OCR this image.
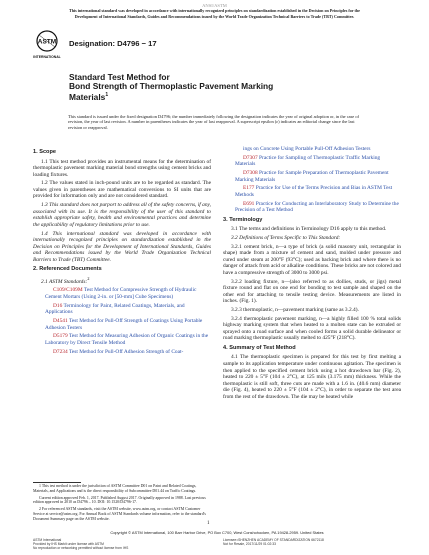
ANSI/ASTM
This international standard was developed in accordance with internationally recognized principles on standardization established in the Decision on Principles for the
Development of International Standards, Guides and Recommendations issued by the World Trade Organization Technical Barriers to Trade (TBT) Committee.
ASTM
INTERNATIONAL
Designation: D4796 − 17
Standard Test Method for
Bond Strength of Thermoplastic Pavement Marking
Materials$^1$
This standard is issued under the fixed designation D4796; the number immediately following the designation indicates the year of original adoption or, in the case of revision, the year of last revision. A number in parentheses indicates the year of last reapproval. A superscript epsilon (ε) indicates an editorial change since the last revision or reapproval.
1. Scope

1.1 This test method provides an instrumental means for the determination of thermoplastic pavement marking material bond strengths using cement bricks and loading fixtures.

1.2 The values stated in inch-pound units are to be regarded as standard. The values given in parentheses are mathematical conversions to SI units that are provided for information only and are not considered standard.

1.3 This standard does not purport to address all of the safety concerns, if any, associated with its use. It is the responsibility of the user of this standard to establish appropriate safety, health and environmental practices and determine the applicability of regulatory limitations prior to use.

1.4 This international standard was developed in accordance with internationally recognized principles on standardization established in the Decision on Principles for the Development of International Standards, Guides and Recommendations issued by the World Trade Organization Technical Barriers to Trade (TBT) Committee.

2. Referenced Documents

2.1 ASTM Standards:$^2$

C109/C109M Test Method for Compressive Strength of Hydraulic Cement Mortars (Using 2-in. or [50-mm] Cube Specimens)

D16 Terminology for Paint, Related Coatings, Materials, and Applications

D4541 Test Method for Pull-Off Strength of Coatings Using Portable Adhesion Testers

D5179 Test Method for Measuring Adhesion of Organic Coatings in the Laboratory by Direct Tensile Method

D7234 Test Method for Pull-Off Adhesion Strength of Coat-

1 This test method is under the jurisdiction of ASTM Committee D01 on Paint and Related Coatings, Materials, and Applications and is the direct responsibility of Subcommittee D01.44 on Traffic Coatings.

Current edition approved Feb. 1, 2017. Published August 2017. Originally approved in 1988. Last previous edition approved in 2010 as D4796 – 10. DOI: 10.1520/D4796-17.

2 For referenced ASTM standards, visit the ASTM website, www.astm.org, or contact ASTM Customer Service at service@astm.org. For Annual Book of ASTM Standards volume information, refer to the standard's Document Summary page on the ASTM website.

ings on Concrete Using Portable Pull-Off Adhesion Testers

D7307 Practice for Sampling of Thermoplastic Traffic Marking Materials

D7308 Practice for Sample Preparation of Thermoplastic Pavement Marking Materials

E177 Practice for Use of the Terms Precision and Bias in ASTM Test Methods

E691 Practice for Conducting an Interlaboratory Study to Determine the Precision of a Test Method

3. Terminology

3.1 The terms and definitions in Terminology D16 apply to this method.

3.2 Definitions of Terms Specific to This Standard:

3.2.1 cement brick, n—a type of brick (a solid masonry unit, rectangular in shape) made from a mixture of cement and sand, molded under pressure and cured under steam at 200°F (93°C); used as backing brick and where there is no danger of attack from acid or alkaline conditions. These bricks are not colored and have a compressive strength of 3000 to 3000 psi.

3.2.2 loading fixture, n—(also referred to as dollies, studs, or jigs) metal fixture round and flat on one end for bonding to test sample and shaped on the other end for attaching to tensile testing device. Measurements are listed in inches. (Fig. 1).

3.2.3 thermoplastic, n—pavement marking (same as 3.2.4).

3.2.4 thermoplastic pavement marking, n—a highly filled 100 % total solids highway marking system that when heated to a molten state can be extruded or sprayed onto a road surface and when cooled forms a solid durable delineator or road marking thermoplastic usually melted to 425°F (218°C).

4. Summary of Test Method

4.1 The thermoplastic specimen is prepared for this test by first melting a sample to its application temperature under continuous agitation. The specimen is then applied to the specified cement brick using a hot drawdown bar (Fig. 2), heated to 220 ± 5°F (104 ± 2°C), at 125 mils (3.175 mm) thickness. While the thermoplastic is still soft, three cuts are made with a 1.6 in. (40.6 mm) diameter die (Fig. 4), heated to 220 ± 5°F (104 ± 2°C), in order to separate the test area from the rest of the drawdown. The die may be heated while

1
Copyright © ASTM International, 100 Barr Harbor Drive, PO Box C700, West Conshohocken, PA 19428-2959. United States
ASTM International
Provided by IHS Markit under license with ASTM
No reproduction or networking permitted without license from IHS
Licensee=SHENZHEN ACADEMY OF STANDARDIZATION 6672118
Not for Resale, 2017/11/29 01:02:33
